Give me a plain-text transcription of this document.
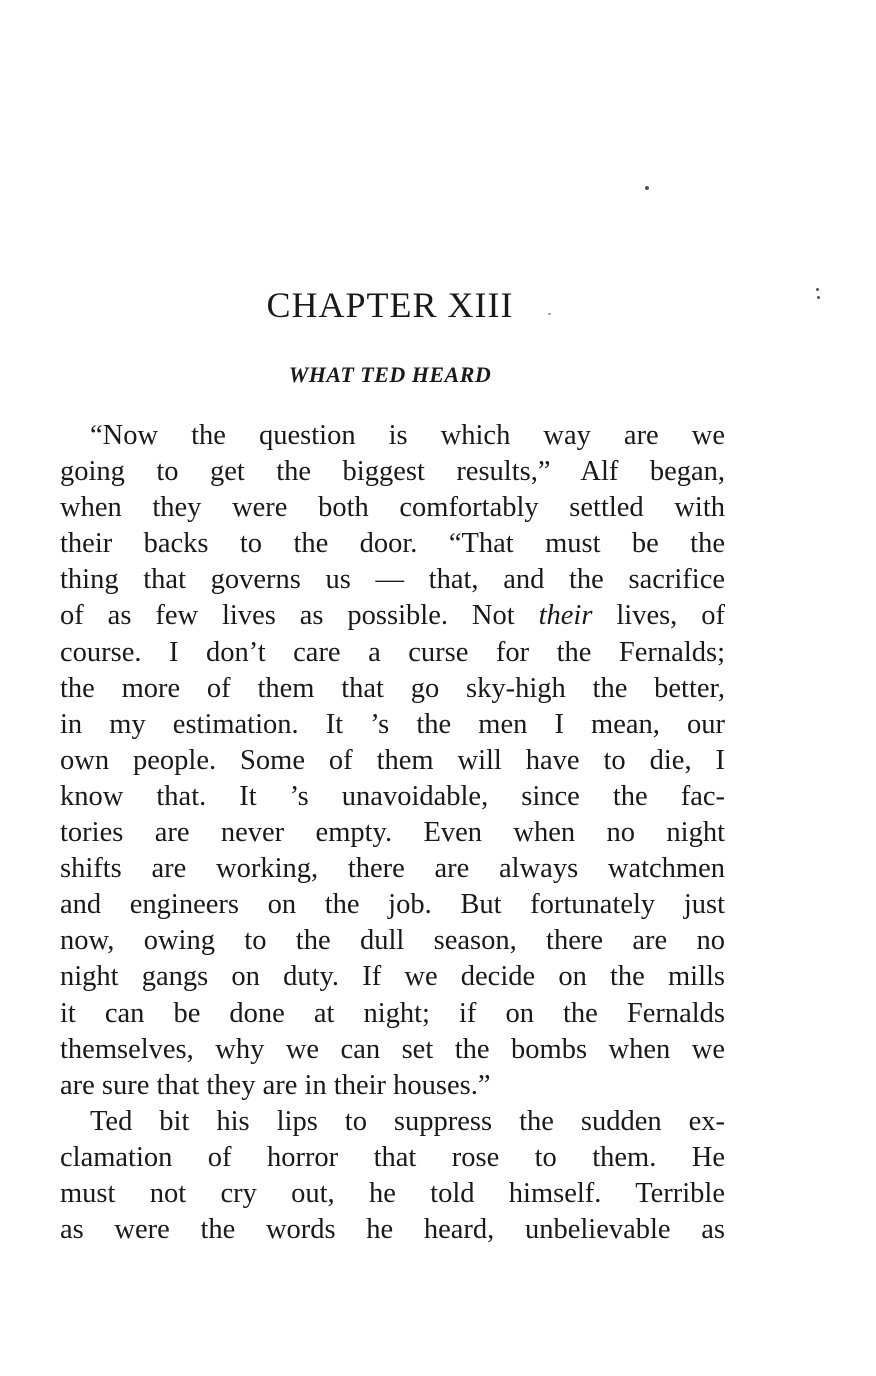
CHAPTER XIII
WHAT TED HEARD
“Now the question is which way are we
going to get the biggest results,” Alf began,
when they were both comfortably settled with
their backs to the door. “That must be the
thing that governs us — that, and the sacrifice
of as few lives as possible. Not their lives, of
course. I don’t care a curse for the Fernalds;
the more of them that go sky-high the better,
in my estimation. It ’s the men I mean, our
own people. Some of them will have to die, I
know that. It ’s unavoidable, since the fac-
tories are never empty. Even when no night
shifts are working, there are always watchmen
and engineers on the job. But fortunately just
now, owing to the dull season, there are no
night gangs on duty. If we decide on the mills
it can be done at night; if on the Fernalds
themselves, why we can set the bombs when we
are sure that they are in their houses.”
Ted bit his lips to suppress the sudden ex-
clamation of horror that rose to them. He
must not cry out, he told himself. Terrible
as were the words he heard, unbelievable as
